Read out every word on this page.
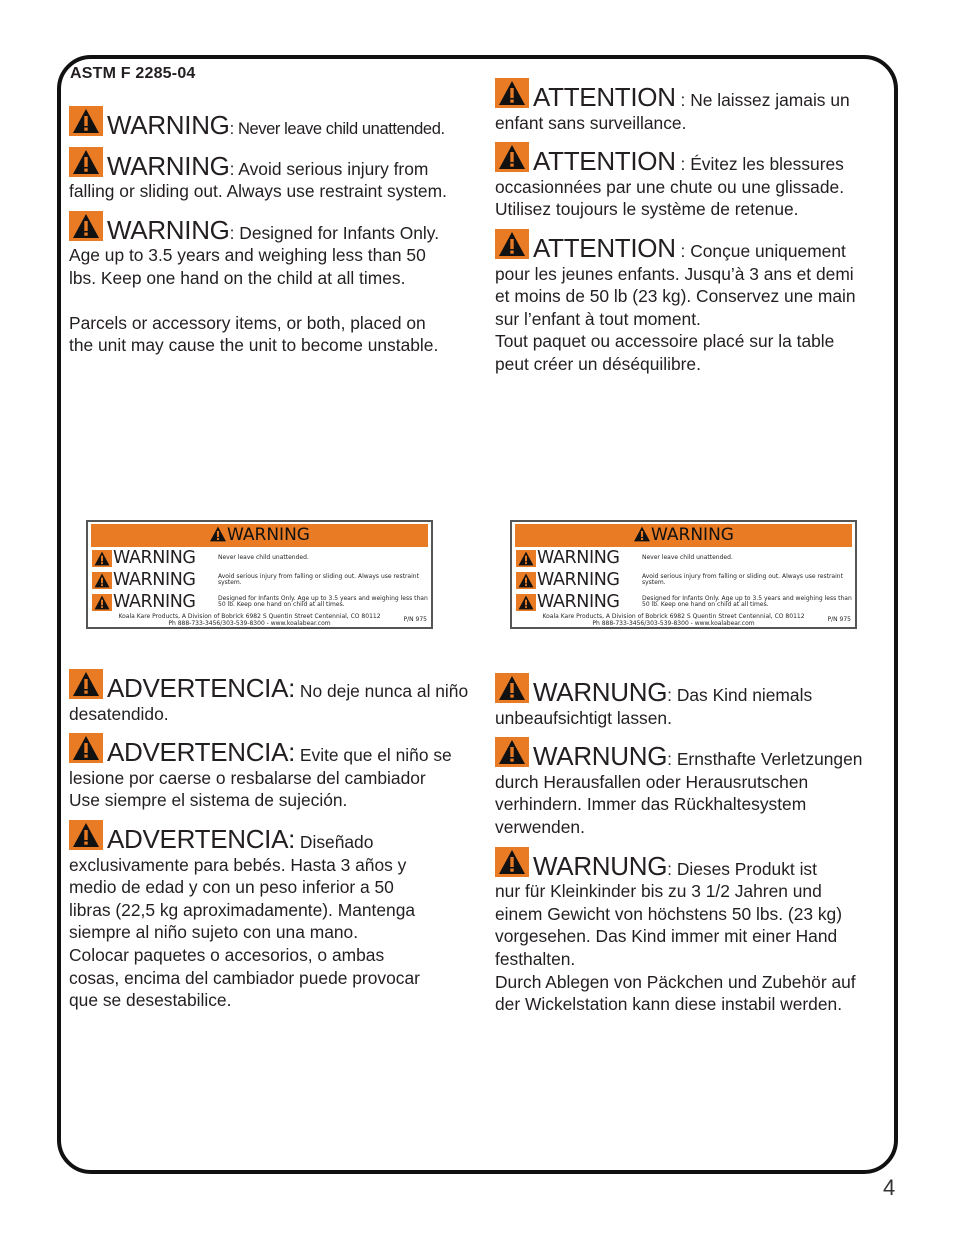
ASTM F 2285-04

WARNING: Never leave child unattended.

WARNING: Avoid serious injury from

falling or sliding out. Always use restraint system.

WARNING: Designed for Infants Only.

Age up to 3.5 years and weighing less than 50

lbs. Keep one hand on the child at all times.

Parcels or accessory items, or both, placed on

the unit may cause the unit to become unstable.

ATTENTION : Ne laissez jamais un

enfant sans surveillance.

ATTENTION : Évitez les blessures

occasionnées par une chute ou une glissade.

Utilisez toujours le système de retenue.

ATTENTION : Conçue uniquement

pour les jeunes enfants. Jusqu’à 3 ans et demi

et moins de 50 lb (23 kg). Conservez une main

sur l’enfant à tout moment.

Tout paquet ou accessoire placé sur la table

peut créer un déséquilibre.

WARNING
WARNING	Never leave child unattended.
WARNING	Avoid serious injury from falling or sliding out. Always use restraint system.
WARNING	Designed for Infants Only. Age up to 3.5 years and weighing less than 50 lb. Keep one hand on child at all times.
Koala Kare Products, A Division of Bobrick 6982 S Quentin Street Centennial, CO 80112
Ph 888-733-3456/303-539-8300 - www.koalabear.com
P/N 975
WARNING
WARNING	Never leave child unattended.
WARNING	Avoid serious injury from falling or sliding out. Always use restraint system.
WARNING	Designed for Infants Only. Age up to 3.5 years and weighing less than 50 lb. Keep one hand on child at all times.
Koala Kare Products, A Division of Bobrick 6982 S Quentin Street Centennial, CO 80112
Ph 888-733-3456/303-539-8300 - www.koalabear.com
P/N 975

ADVERTENCIA: No deje nunca al niño

desatendido.

ADVERTENCIA: Evite que el niño se

lesione por caerse o resbalarse del cambiador

Use siempre el sistema de sujeción.

ADVERTENCIA: Diseñado

exclusivamente para bebés. Hasta 3 años y

medio de edad y con un peso inferior a 50

libras (22,5 kg aproximadamente). Mantenga

siempre al niño sujeto con una mano.

Colocar paquetes o accesorios, o ambas

cosas, encima del cambiador puede provocar

que se desestabilice.

WARNUNG: Das Kind niemals

unbeaufsichtigt lassen.

WARNUNG: Ernsthafte Verletzungen

durch Herausfallen oder Herausrutschen

verhindern. Immer das Rückhaltesystem

verwenden.

WARNUNG: Dieses Produkt ist

nur für Kleinkinder bis zu 3 1/2 Jahren und

einem Gewicht von höchstens 50 lbs. (23 kg)

vorgesehen. Das Kind immer mit einer Hand

festhalten.

Durch Ablegen von Päckchen und Zubehör auf

der Wickelstation kann diese instabil werden.

4
